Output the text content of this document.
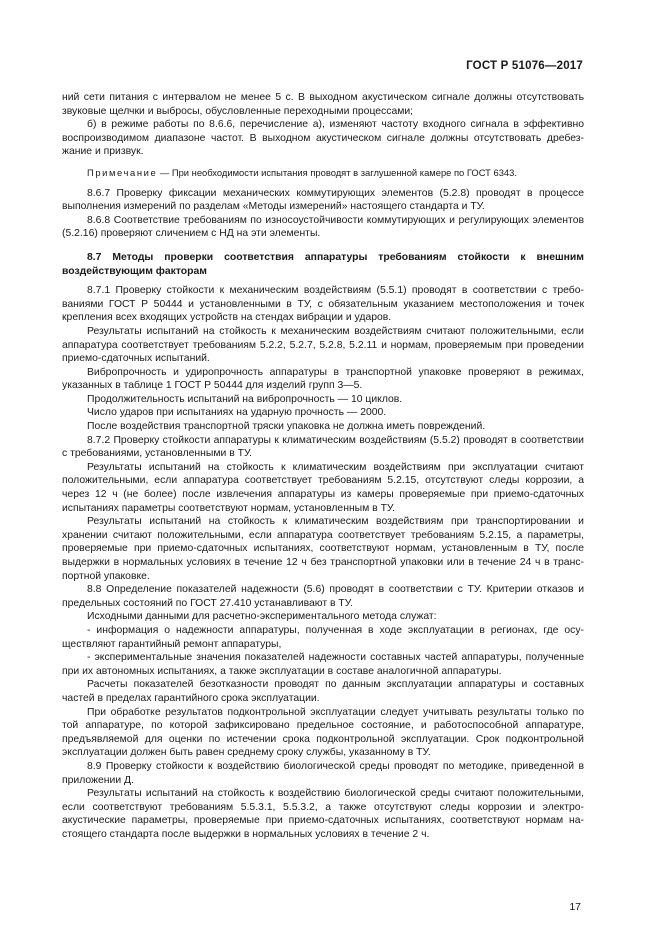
ГОСТ Р 51076—2017

ний сети питания с интервалом не менее 5 с. В выходном акустическом сигнале должны отсутствовать звуковые щелчки и выбросы, обусловленные переходными процессами;

б) в режиме работы по 8.6.6, перечисление а), изменяют частоту входного сигнала в эффективно воспроизводимом диапазоне частот. В выходном акустическом сигнале должны отсутствовать дребезжание и призвук.

Примечание — При необходимости испытания проводят в заглушенной камере по ГОСТ 6343.

8.6.7 Проверку фиксации механических коммутирующих элементов (5.2.8) проводят в процессе выполнения измерений по разделам «Методы измерений» настоящего стандарта и ТУ.

8.6.8 Соответствие требованиям по износоустойчивости коммутирующих и регулирующих элементов (5.2.16) проверяют сличением с НД на эти элементы.

8.7 Методы проверки соответствия аппаратуры требованиям стойкости к внешним воздействующим факторам

8.7.1 Проверку стойкости к механическим воздействиям (5.5.1) проводят в соответствии с требованиями ГОСТ Р 50444 и установленными в ТУ, с обязательным указанием местоположения и точек крепления всех входящих устройств на стендах вибрации и ударов.

Результаты испытаний на стойкость к механическим воздействиям считают положительными, если аппаратура соответствует требованиям 5.2.2, 5.2.7, 5.2.8, 5.2.11 и нормам, проверяемым при проведении приемо-сдаточных испытаний.

Вибропрочность и удиропрочность аппаратуры в транспортной упаковке проверяют в режимах, указанных в таблице 1 ГОСТ Р 50444 для изделий групп 3—5.

Продолжительность испытаний на вибропрочность — 10 циклов.

Число ударов при испытаниях на ударную прочность — 2000.

После воздействия транспортной тряски упаковка не должна иметь повреждений.

8.7.2 Проверку стойкости аппаратуры к климатическим воздействиям (5.5.2) проводят в соответствии с требованиями, установленными в ТУ.

Результаты испытаний на стойкость к климатическим воздействиям при эксплуатации считают положительными, если аппаратура соответствует требованиям 5.2.15, отсутствуют следы коррозии, а через 12 ч (не более) после извлечения аппаратуры из камеры проверяемые при приемо-сдаточных испытаниях параметры соответствуют нормам, установленным в ТУ.

Результаты испытаний на стойкость к климатическим воздействиям при транспортировании и хранении считают положительными, если аппаратура соответствует требованиям 5.2.15, а параметры, проверяемые при приемо-сдаточных испытаниях, соответствуют нормам, установленным в ТУ, после выдержки в нормальных условиях в течение 12 ч без транспортной упаковки или в течение 24 ч в транспортной упаковке.

8.8 Определение показателей надежности (5.6) проводят в соответствии с ТУ. Критерии отказов и предельных состояний по ГОСТ 27.410 устанавливают в ТУ.

Исходными данными для расчетно-экспериментального метода служат:

- информация о надежности аппаратуры, полученная в ходе эксплуатации в регионах, где осуществляют гарантийный ремонт аппаратуры,

- экспериментальные значения показателей надежности составных частей аппаратуры, полученные при их автономных испытаниях, а также эксплуатации в составе аналогичной аппаратуры.

Расчеты показателей безотказности проводят по данным эксплуатации аппаратуры и составных частей в пределах гарантийного срока эксплуатации.

При обработке результатов подконтрольной эксплуатации следует учитывать результаты только по той аппаратуре, по которой зафиксировано предельное состояние, и работоспособной аппаратуре, предъявляемой для оценки по истечении срока подконтрольной эксплуатации. Срок подконтрольной эксплуатации должен быть равен среднему сроку службы, указанному в ТУ.

8.9 Проверку стойкости к воздействию биологической среды проводят по методике, приведенной в приложении Д.

Результаты испытаний на стойкость к воздействию биологической среды считают положительными, если соответствуют требованиям 5.5.3.1, 5.5.3.2, а также отсутствуют следы коррозии и электроакустические параметры, проверяемые при приемо-сдаточных испытаниях, соответствуют нормам настоящего стандарта после выдержки в нормальных условиях в течение 2 ч.

17
